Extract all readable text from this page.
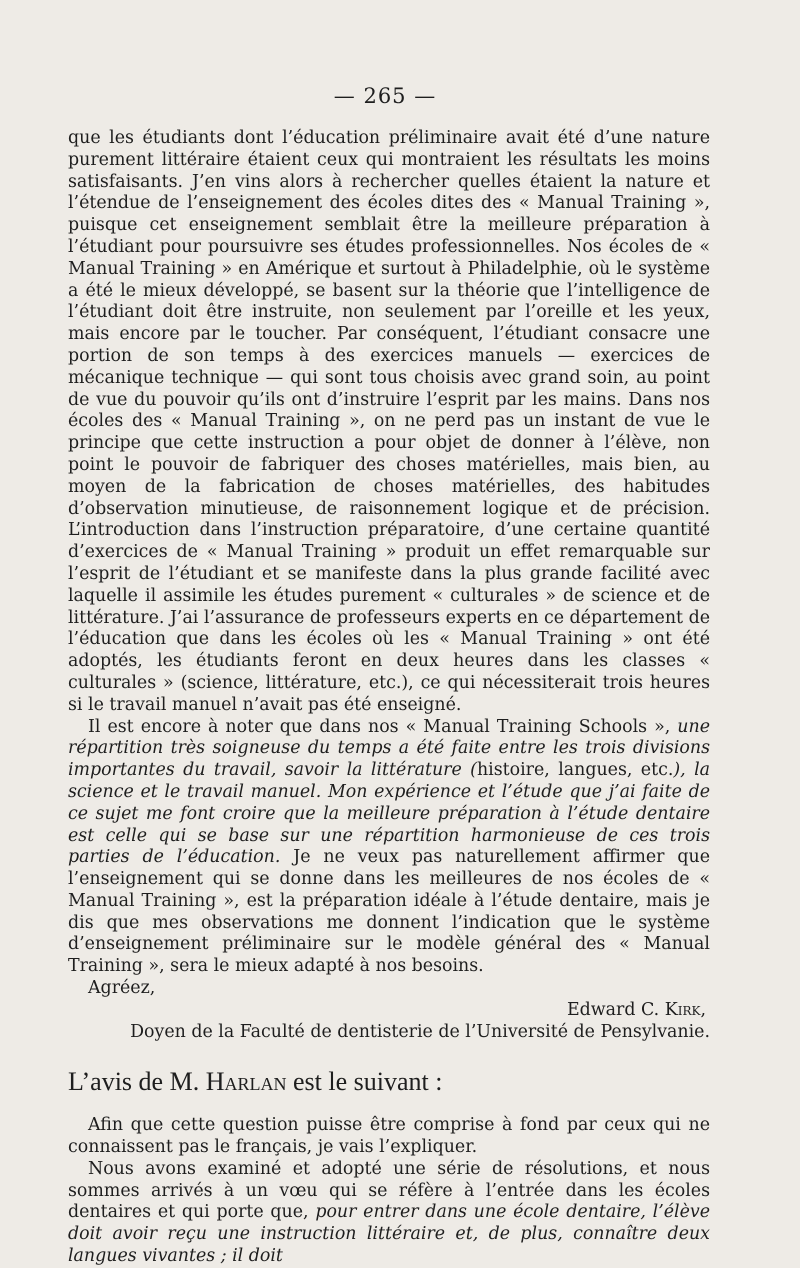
— 265 —

que les étudiants dont l’éducation préliminaire avait été d’une nature purement littéraire étaient ceux qui montraient les résultats les moins satisfaisants. J’en vins alors à rechercher quelles étaient la nature et l’étendue de l’enseignement des écoles dites des « Manual Training », puisque cet enseignement semblait être la meilleure préparation à l’étudiant pour poursuivre ses études professionnelles. Nos écoles de « Manual Training » en Amérique et surtout à Philadelphie, où le système a été le mieux développé, se basent sur la théorie que l’intelligence de l’étudiant doit être instruite, non seulement par l’oreille et les yeux, mais encore par le toucher. Par conséquent, l’étudiant consacre une portion de son temps à des exercices manuels — exercices de mécanique technique — qui sont tous choisis avec grand soin, au point de vue du pouvoir qu’ils ont d’instruire l’esprit par les mains. Dans nos écoles des « Manual Training », on ne perd pas un instant de vue le principe que cette instruction a pour objet de donner à l’élève, non point le pouvoir de fabriquer des choses matérielles, mais bien, au moyen de la fabrication de choses matérielles, des habitudes d’observation minutieuse, de raisonnement logique et de précision. L’introduction dans l’instruction préparatoire, d’une certaine quantité d’exercices de « Manual Training » produit un effet remarquable sur l’esprit de l’étudiant et se manifeste dans la plus grande facilité avec laquelle il assimile les études purement « culturales » de science et de littérature. J’ai l’assurance de professeurs experts en ce département de l’éducation que dans les écoles où les « Manual Training » ont été adoptés, les étudiants feront en deux heures dans les classes « culturales » (science, littérature, etc.), ce qui nécessiterait trois heures si le travail manuel n’avait pas été enseigné.

Il est encore à noter que dans nos « Manual Training Schools », une répartition très soigneuse du temps a été faite entre les trois divisions importantes du travail, savoir la littérature (histoire, langues, etc.), la science et le travail manuel. Mon expérience et l’étude que j’ai faite de ce sujet me font croire que la meilleure préparation à l’étude dentaire est celle qui se base sur une répartition harmonieuse de ces trois parties de l’éducation. Je ne veux pas naturellement affirmer que l’enseignement qui se donne dans les meilleures de nos écoles de « Manual Training », est la préparation idéale à l’étude dentaire, mais je dis que mes observations me donnent l’indication que le système d’enseignement préliminaire sur le modèle général des « Manual Training », sera le mieux adapté à nos besoins.

Agréez,

Edward C. Kirk,

Doyen de la Faculté de dentisterie de l’Université de Pensylvanie.

L’avis de M. Harlan est le suivant :

Afin que cette question puisse être comprise à fond par ceux qui ne connaissent pas le français, je vais l’expliquer.

Nous avons examiné et adopté une série de résolutions, et nous sommes arrivés à un vœu qui se réfère à l’entrée dans les écoles dentaires et qui porte que, pour entrer dans une école dentaire, l’élève doit avoir reçu une instruction littéraire et, de plus, connaître deux langues vivantes ; il doit
